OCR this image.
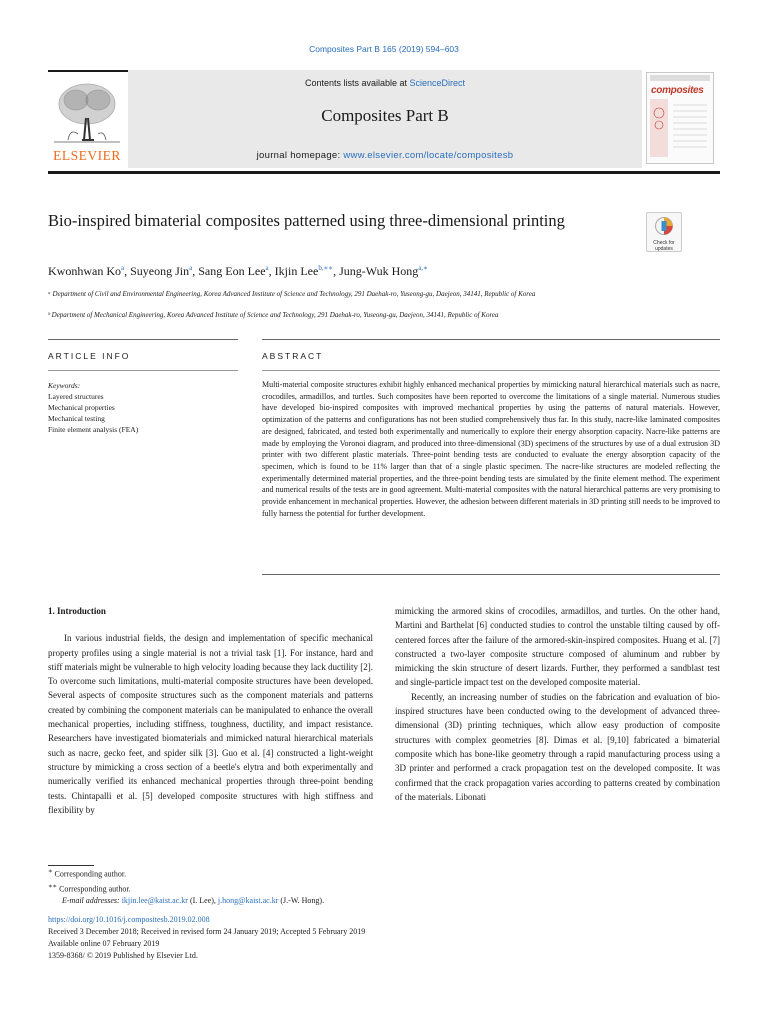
Composites Part B 165 (2019) 594–603
ELSEVIER
Contents lists available at ScienceDirect
Composites Part B
journal homepage: www.elsevier.com/locate/compositesb
composites
Bio-inspired bimaterial composites patterned using three-dimensional printing
Check for updates
Kwonhwan Ko$^a$, Suyeong Jin$^a$, Sang Eon Lee$^a$, Ikjin Lee$^{b,∗∗}$, Jung-Wuk Hong$^{a,∗}$
ᵃ Department of Civil and Environmental Engineering, Korea Advanced Institute of Science and Technology, 291 Daehak-ro, Yuseong-gu, Daejeon, 34141, Republic of Korea
ᵇ Department of Mechanical Engineering, Korea Advanced Institute of Science and Technology, 291 Daehak-ro, Yuseong-gu, Daejeon, 34141, Republic of Korea
ARTICLE INFO	ABSTRACT
Keywords:
Layered structures
Mechanical properties
Mechanical testing
Finite element analysis (FEA)
Multi-material composite structures exhibit highly enhanced mechanical properties by mimicking natural hierarchical materials such as nacre, crocodiles, armadillos, and turtles. Such composites have been reported to overcome the limitations of a single material. Numerous studies have developed bio-inspired composites with improved mechanical properties by using the patterns of natural materials. However, optimization of the patterns and configurations has not been studied comprehensively thus far. In this study, nacre-like laminated composites are designed, fabricated, and tested both experimentally and numerically to explore their energy absorption capacity. Nacre-like patterns are made by employing the Voronoi diagram, and produced into three-dimensional (3D) specimens of the structures by use of a dual extrusion 3D printer with two different plastic materials. Three-point bending tests are conducted to evaluate the energy absorption capacity of the specimen, which is found to be 11% larger than that of a single plastic specimen. The nacre-like structures are modeled reflecting the experimentally determined material properties, and the three-point bending tests are simulated by the finite element method. The experiment and numerical results of the tests are in good agreement. Multi-material composites with the natural hierarchical patterns are very promising to provide enhancement in mechanical properties. However, the adhesion between different materials in 3D printing still needs to be improved to fully harness the potential for further development.

1. Introduction

In various industrial fields, the design and implementation of specific mechanical property profiles using a single material is not a trivial task [1]. For instance, hard and stiff materials might be vulnerable to high velocity loading because they lack ductility [2]. To overcome such limitations, multi-material composite structures have been developed. Several aspects of composite structures such as the component materials and patterns created by combining the component materials can be manipulated to enhance the overall mechanical properties, including stiffness, toughness, ductility, and impact resistance. Researchers have investigated biomaterials and mimicked natural hierarchical materials such as nacre, gecko feet, and spider silk [3]. Guo et al. [4] constructed a light-weight structure by mimicking a cross section of a beetle's elytra and both experimentally and numerically verified its enhanced mechanical properties through three-point bending tests. Chintapalli et al. [5] developed composite structures with high stiffness and flexibility by

mimicking the armored skins of crocodiles, armadillos, and turtles. On the other hand, Martini and Barthelat [6] conducted studies to control the unstable tilting caused by off-centered forces after the failure of the armored-skin-inspired composites. Huang et al. [7] constructed a two-layer composite structure composed of aluminum and rubber by mimicking the skin structure of desert lizards. Further, they performed a sandblast test and single-particle impact test on the developed composite material.

Recently, an increasing number of studies on the fabrication and evaluation of bio-inspired structures have been conducted owing to the development of advanced three-dimensional (3D) printing techniques, which allow easy production of composite structures with complex geometries [8]. Dimas et al. [9,10] fabricated a bimaterial composite which has bone-like geometry through a rapid manufacturing process using a 3D printer and performed a crack propagation test on the developed composite. It was confirmed that the crack propagation varies according to patterns created by combination of the materials. Libonati

∗ Corresponding author.
∗∗ Corresponding author.
E-mail addresses: ikjin.lee@kaist.ac.kr (I. Lee), j.hong@kaist.ac.kr (J.-W. Hong).
https://doi.org/10.1016/j.compositesb.2019.02.008
Received 3 December 2018; Received in revised form 24 January 2019; Accepted 5 February 2019
Available online 07 February 2019
1359-8368/ © 2019 Published by Elsevier Ltd.
